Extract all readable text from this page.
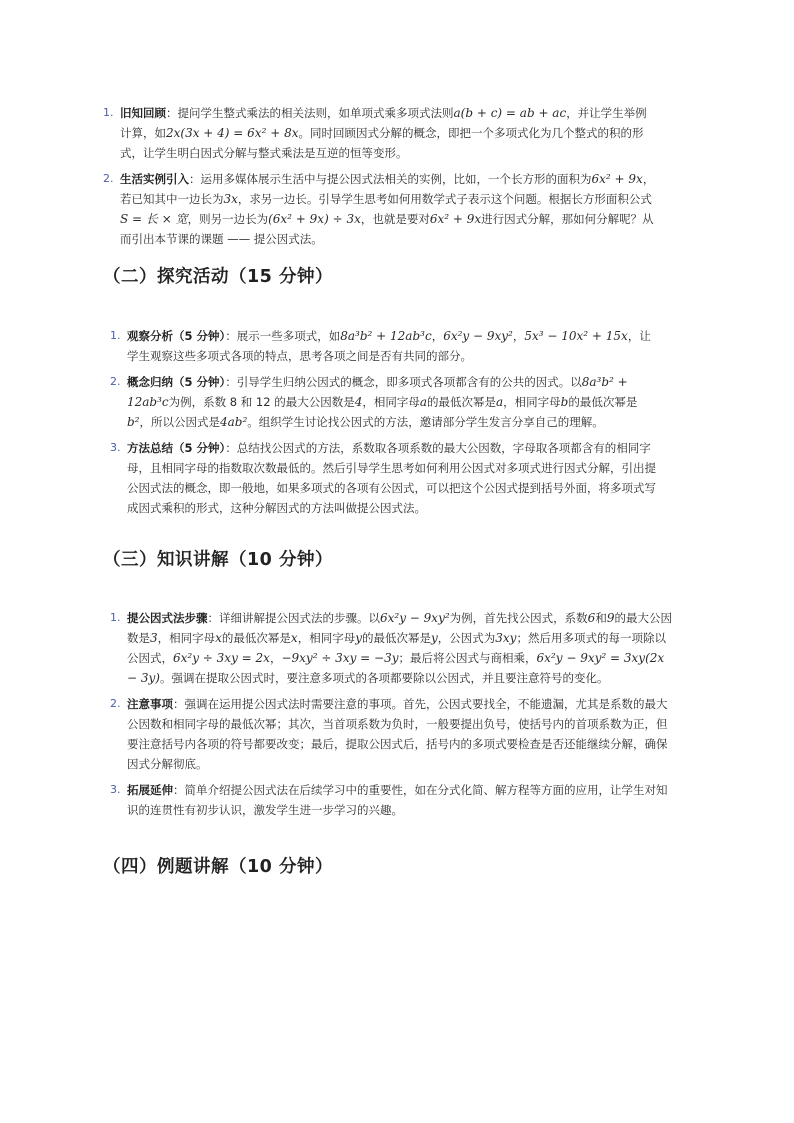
1. 旧知回顾：提问学生整式乘法的相关法则，如单项式乘多项式法则a(b + c) = ab + ac，并让学生举例计算，如2x(3x + 4) = 6x² + 8x。同时回顾因式分解的概念，即把一个多项式化为几个整式的积的形式，让学生明白因式分解与整式乘法是互逆的恒等变形。
2. 生活实例引入：运用多媒体展示生活中与提公因式法相关的实例，比如，一个长方形的面积为6x² + 9x，若已知其中一边长为3x，求另一边长。引导学生思考如何用数学式子表示这个问题。根据长方形面积公式S = 长 × 宽，则另一边长为(6x² + 9x) ÷ 3x，也就是要对6x² + 9x进行因式分解，那如何分解呢？从而引出本节课的课题 —— 提公因式法。
（二）探究活动（15 分钟）
1. 观察分析（5 分钟）：展示一些多项式，如8a³b² + 12ab³c，6x²y − 9xy²，5x³ − 10x² + 15x，让学生观察这些多项式各项的特点，思考各项之间是否有共同的部分。
2. 概念归纳（5 分钟）：引导学生归纳公因式的概念，即多项式各项都含有的公共的因式。以8a³b² + 12ab³c为例，系数 8 和 12 的最大公因数是4，相同字母a的最低次幂是a，相同字母b的最低次幂是b²，所以公因式是4ab²。组织学生讨论找公因式的方法，邀请部分学生发言分享自己的理解。
3. 方法总结（5 分钟）：总结找公因式的方法，系数取各项系数的最大公因数，字母取各项都含有的相同字母，且相同字母的指数取次数最低的。然后引导学生思考如何利用公因式对多项式进行因式分解，引出提公因式法的概念，即一般地，如果多项式的各项有公因式，可以把这个公因式提到括号外面，将多项式写成因式乘积的形式，这种分解因式的方法叫做提公因式法。
（三）知识讲解（10 分钟）
1. 提公因式法步骤：详细讲解提公因式法的步骤。以6x²y − 9xy²为例，首先找公因式，系数6和9的最大公因数是3，相同字母x的最低次幂是x，相同字母y的最低次幂是y，公因式为3xy；然后用多项式的每一项除以公因式，6x²y ÷ 3xy = 2x，−9xy² ÷ 3xy = −3y；最后将公因式与商相乘，6x²y − 9xy² = 3xy(2x − 3y)。强调在提取公因式时，要注意多项式的各项都要除以公因式，并且要注意符号的变化。
2. 注意事项：强调在运用提公因式法时需要注意的事项。首先，公因式要找全，不能遗漏，尤其是系数的最大公因数和相同字母的最低次幂；其次，当首项系数为负时，一般要提出负号，使括号内的首项系数为正，但要注意括号内各项的符号都要改变；最后，提取公因式后，括号内的多项式要检查是否还能继续分解，确保因式分解彻底。
3. 拓展延伸：简单介绍提公因式法在后续学习中的重要性，如在分式化简、解方程等方面的应用，让学生对知识的连贯性有初步认识，激发学生进一步学习的兴趣。
（四）例题讲解（10 分钟）
